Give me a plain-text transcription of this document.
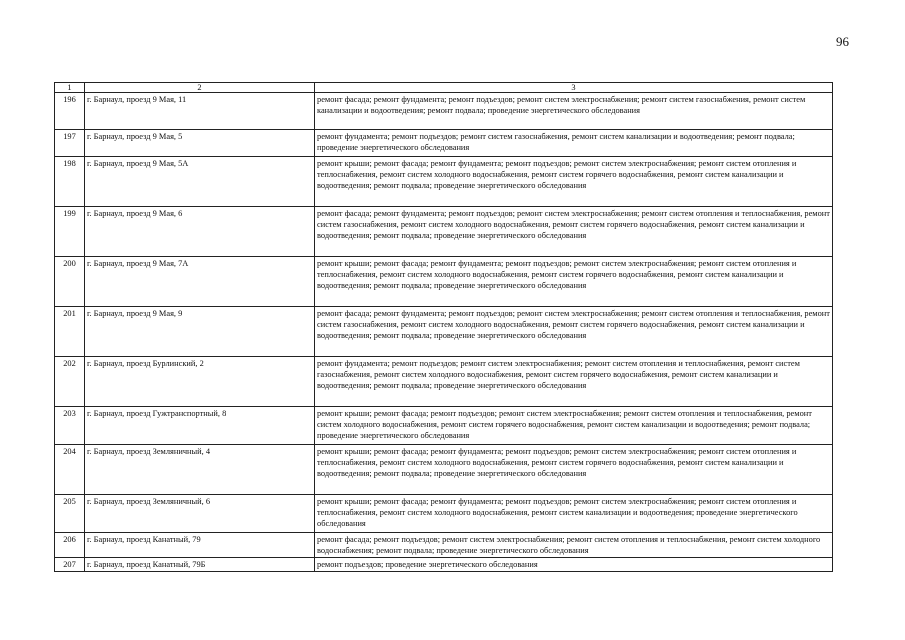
96
1	2	3
196	г. Барнаул, проезд 9 Мая, 11	ремонт фасада; ремонт фундамента; ремонт подъездов; ремонт систем электроснабжения; ремонт систем газоснабжения, ремонт систем канализации и водоотведения; ремонт подвала; проведение энергетического обследования
197	г. Барнаул, проезд 9 Мая, 5	ремонт фундамента; ремонт подъездов; ремонт систем газоснабжения, ремонт систем канализации и водоотведения; ремонт подвала; проведение энергетического обследования
198	г. Барнаул, проезд 9 Мая, 5А	ремонт крыши; ремонт фасада; ремонт фундамента; ремонт подъездов; ремонт систем электроснабжения; ремонт систем отопления и теплоснабжения, ремонт систем холодного водоснабжения, ремонт систем горячего водоснабжения, ремонт систем канализации и водоотведения; ремонт подвала; проведение энергетического обследования
199	г. Барнаул, проезд 9 Мая, 6	ремонт фасада; ремонт фундамента; ремонт подъездов; ремонт систем электроснабжения; ремонт систем отопления и теплоснабжения, ремонт систем газоснабжения, ремонт систем холодного водоснабжения, ремонт систем горячего водоснабжения, ремонт систем канализации и водоотведения; ремонт подвала; проведение энергетического обследования
200	г. Барнаул, проезд 9 Мая, 7А	ремонт крыши; ремонт фасада; ремонт фундамента; ремонт подъездов; ремонт систем электроснабжения; ремонт систем отопления и теплоснабжения, ремонт систем холодного водоснабжения, ремонт систем горячего водоснабжения, ремонт систем канализации и водоотведения; ремонт подвала; проведение энергетического обследования
201	г. Барнаул, проезд 9 Мая, 9	ремонт фасада; ремонт фундамента; ремонт подъездов; ремонт систем электроснабжения; ремонт систем отопления и теплоснабжения, ремонт систем газоснабжения, ремонт систем холодного водоснабжения, ремонт систем горячего водоснабжения, ремонт систем канализации и водоотведения; ремонт подвала; проведение энергетического обследования
202	г. Барнаул, проезд Бурлинский, 2	ремонт фундамента; ремонт подъездов; ремонт систем электроснабжения; ремонт систем отопления и теплоснабжения, ремонт систем газоснабжения, ремонт систем холодного водоснабжения, ремонт систем горячего водоснабжения, ремонт систем канализации и водоотведения; ремонт подвала; проведение энергетического обследования
203	г. Барнаул, проезд Гужтранспортный, 8	ремонт крыши; ремонт фасада; ремонт подъездов; ремонт систем электроснабжения; ремонт систем отопления и теплоснабжения, ремонт систем холодного водоснабжения, ремонт систем горячего водоснабжения, ремонт систем канализации и водоотведения; ремонт подвала; проведение энергетического обследования
204	г. Барнаул, проезд Земляничный, 4	ремонт крыши; ремонт фасада; ремонт фундамента; ремонт подъездов; ремонт систем электроснабжения; ремонт систем отопления и теплоснабжения, ремонт систем холодного водоснабжения, ремонт систем горячего водоснабжения, ремонт систем канализации и водоотведения; ремонт подвала; проведение энергетического обследования
205	г. Барнаул, проезд Земляничный, 6	ремонт крыши; ремонт фасада; ремонт фундамента; ремонт подъездов; ремонт систем электроснабжения; ремонт систем отопления и теплоснабжения, ремонт систем холодного водоснабжения, ремонт систем канализации и водоотведения; проведение энергетического обследования
206	г. Барнаул, проезд Канатный, 79	ремонт фасада; ремонт подъездов; ремонт систем электроснабжения; ремонт систем отопления и теплоснабжения, ремонт систем холодного водоснабжения; ремонт подвала; проведение энергетического обследования
207	г. Барнаул, проезд Канатный, 79Б	ремонт подъездов; проведение энергетического обследования
